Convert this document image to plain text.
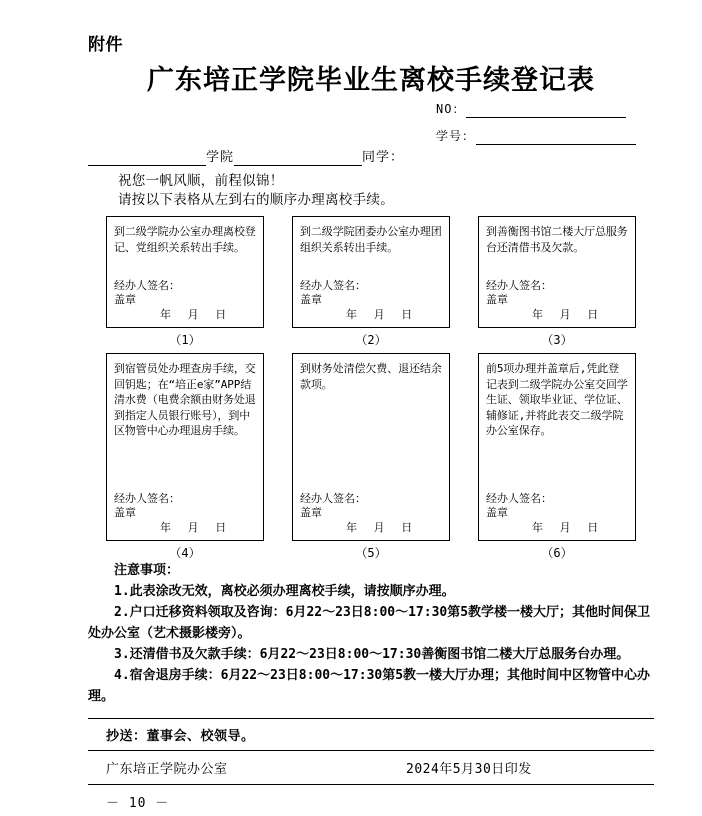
附件
广东培正学院毕业生离校手续登记表
NO：
学号：
学院	同学：
祝您一帆风顺，前程似锦！
请按以下表格从左到右的顺序办理离校手续。
到二级学院办公室办理离校登记、党组织关系转出手续。
经办人签名：
盖章
年 月 日
（1）
到二级学院团委办公室办理团组织关系转出手续。
经办人签名：
盖章
年 月 日
（2）
到善衡图书馆二楼大厅总服务台还清借书及欠款。
经办人签名：
盖章
年 月 日
（3）
到宿管员处办理查房手续，交回钥匙；在“培正e家”APP结清水费（电费余额由财务处退到指定人员银行账号），到中区物管中心办理退房手续。
经办人签名：
盖章
年 月 日
（4）
到财务处清偿欠费、退还结余款项。
经办人签名：
盖章
年 月 日
（5）
前5项办理并盖章后,凭此登记表到二级学院办公室交回学生证、领取毕业证、学位证、辅修证,并将此表交二级学院办公室保存。
经办人签名：
盖章
年 月 日
（6）
注意事项：
1.此表涂改无效，离校必须办理离校手续，请按顺序办理。
2.户口迁移资料领取及咨询：6月22～23日8:00～17:30第5教学楼一楼大厅；其他时间保卫处办公室（艺术摄影楼旁）。
3.还清借书及欠款手续：6月22～23日8:00～17:30善衡图书馆二楼大厅总服务台办理。
4.宿舍退房手续：6月22～23日8:00～17:30第5教一楼大厅办理；其他时间中区物管中心办理。
抄送：董事会、校领导。
广东培正学院办公室	2024年5月30日印发
－ 10 －
